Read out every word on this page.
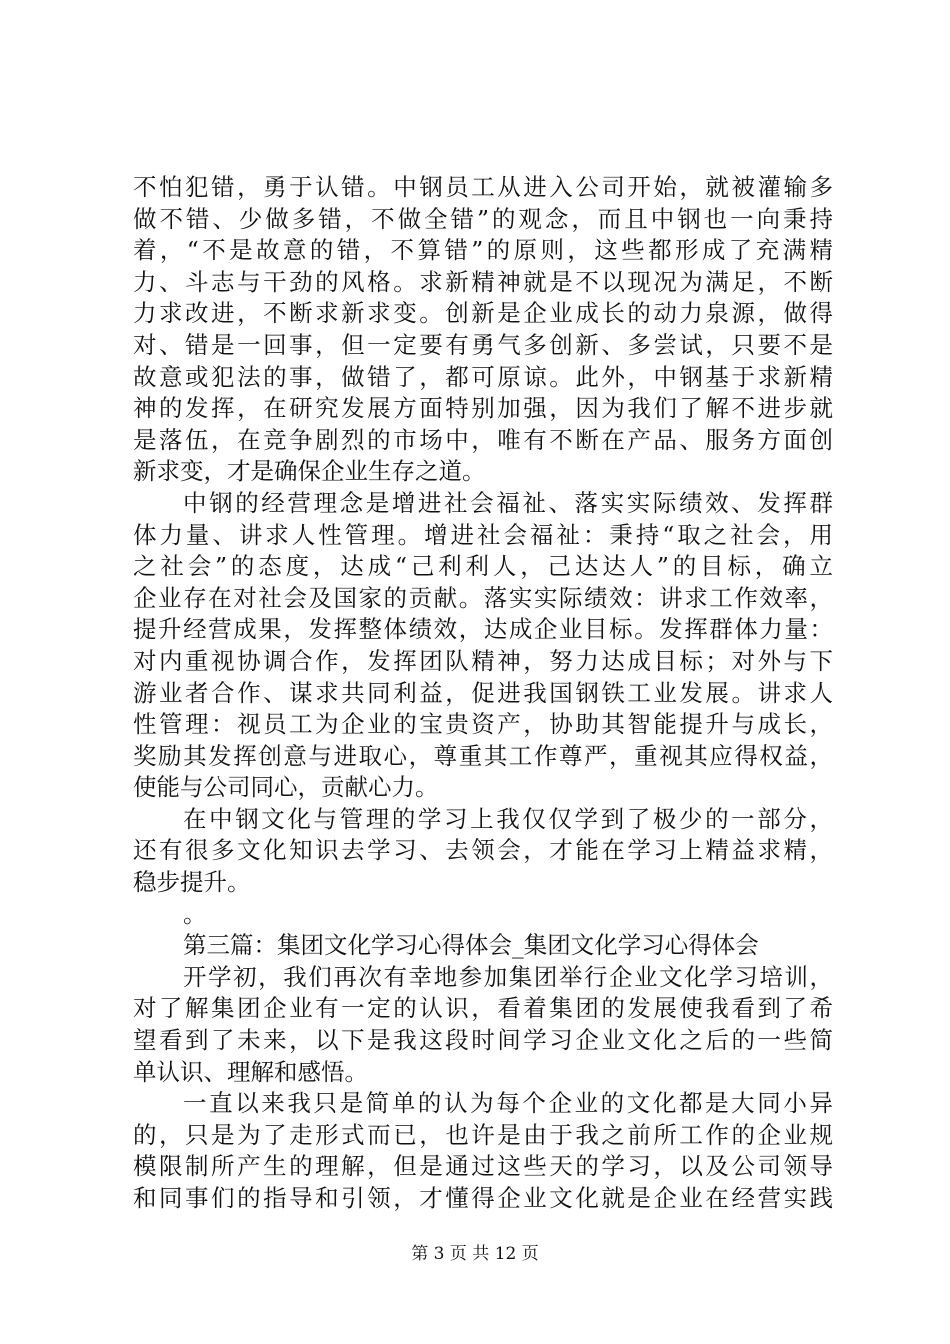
不怕犯错，勇于认错。中钢员工从进入公司开始，就被灌输多
做不错、少做多错，不做全错”的观念，而且中钢也一向秉持
着，“不是故意的错，不算错”的原则，这些都形成了充满精
力、斗志与干劲的风格。求新精神就是不以现况为满足，不断
力求改进，不断求新求变。创新是企业成长的动力泉源，做得
对、错是一回事，但一定要有勇气多创新、多尝试，只要不是
故意或犯法的事，做错了，都可原谅。此外，中钢基于求新精
神的发挥，在研究发展方面特别加强，因为我们了解不进步就
是落伍，在竞争剧烈的市场中，唯有不断在产品、服务方面创
新求变，才是确保企业生存之道。
中钢的经营理念是增进社会福祉、落实实际绩效、发挥群
体力量、讲求人性管理。增进社会福祉：秉持“取之社会，用
之社会”的态度，达成“己利利人，己达达人”的目标，确立
企业存在对社会及国家的贡献。落实实际绩效：讲求工作效率，
提升经营成果，发挥整体绩效，达成企业目标。发挥群体力量：
对内重视协调合作，发挥团队精神，努力达成目标；对外与下
游业者合作、谋求共同利益，促进我国钢铁工业发展。讲求人
性管理：视员工为企业的宝贵资产，协助其智能提升与成长，
奖励其发挥创意与进取心，尊重其工作尊严，重视其应得权益，
使能与公司同心，贡献心力。
在中钢文化与管理的学习上我仅仅学到了极少的一部分，
还有很多文化知识去学习、去领会，才能在学习上精益求精，
稳步提升。
。
第三篇：集团文化学习心得体会_集团文化学习心得体会
开学初，我们再次有幸地参加集团举行企业文化学习培训，
对了解集团企业有一定的认识，看着集团的发展使我看到了希
望看到了未来，以下是我这段时间学习企业文化之后的一些简
单认识、理解和感悟。
一直以来我只是简单的认为每个企业的文化都是大同小异
的，只是为了走形式而已，也许是由于我之前所工作的企业规
模限制所产生的理解，但是通过这些天的学习，以及公司领导
和同事们的指导和引领，才懂得企业文化就是企业在经营实践
第 3 页 共 12 页
